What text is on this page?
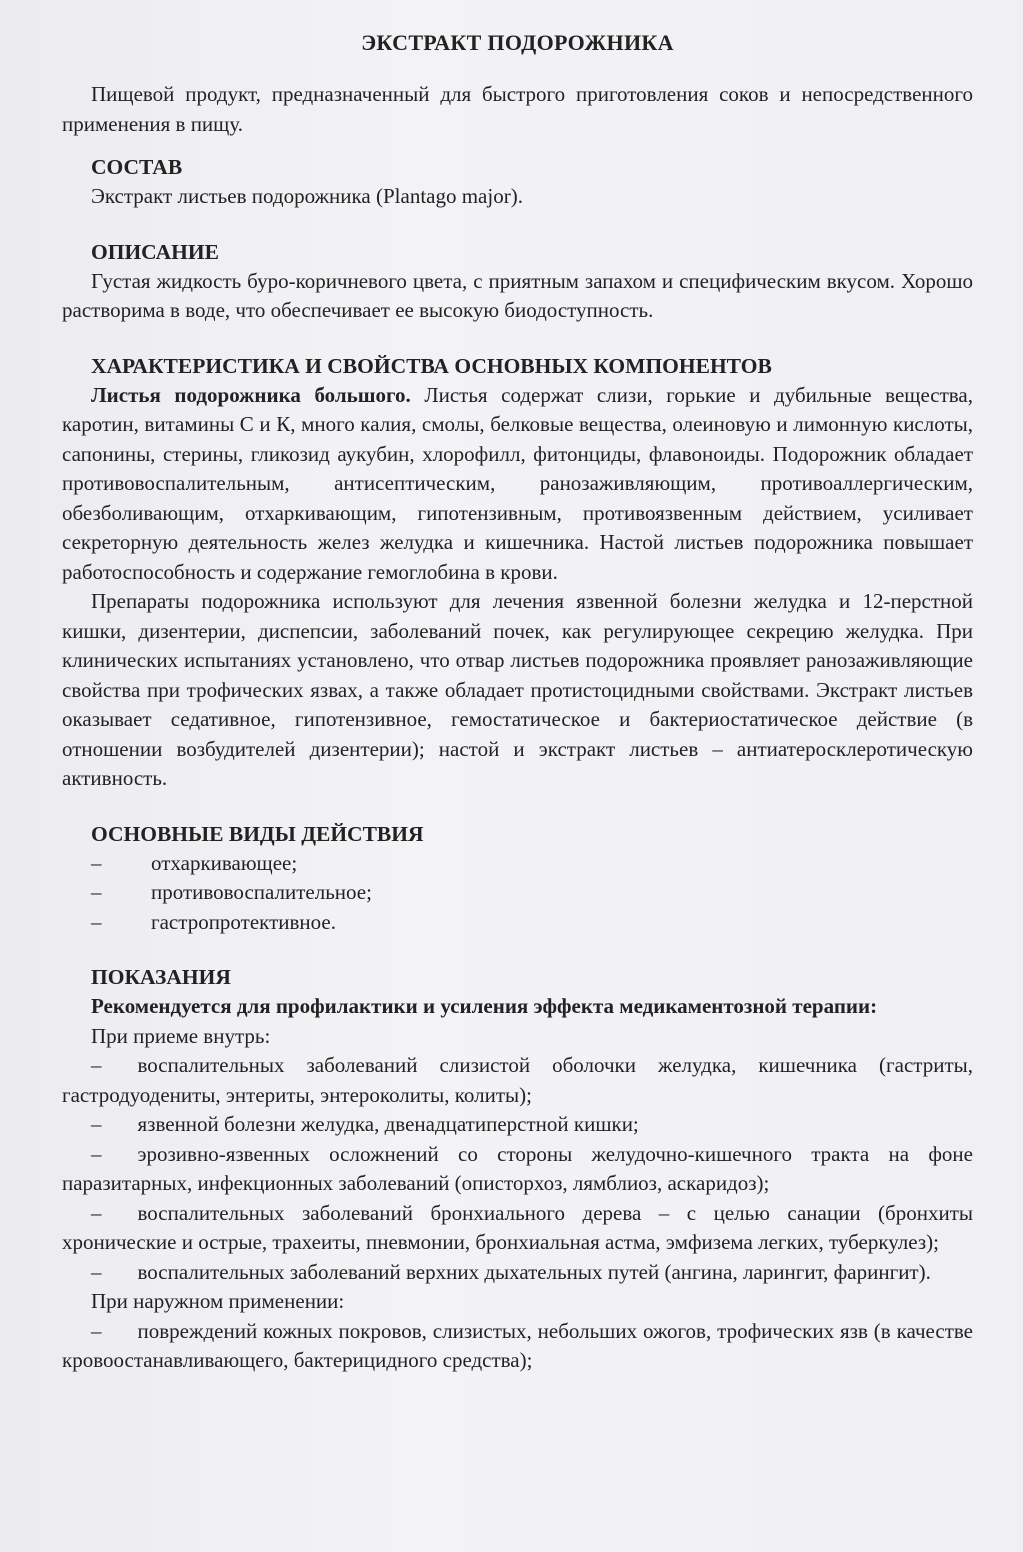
ЭКСТРАКТ ПОДОРОЖНИКА

Пищевой продукт, предназначенный для быстрого приготовления соков и непосредственного применения в пищу.

СОСТАВ

Экстракт листьев подорожника (Plantago major).

ОПИСАНИЕ

Густая жидкость буро-коричневого цвета, с приятным запахом и специфическим вкусом. Хорошо растворима в воде, что обеспечивает ее высокую биодоступность.

ХАРАКТЕРИСТИКА И СВОЙСТВА ОСНОВНЫХ КОМПОНЕНТОВ

Листья подорожника большого. Листья содержат слизи, горькие и дубильные вещества, каротин, витамины С и К, много калия, смолы, белковые вещества, олеиновую и лимонную кислоты, сапонины, стерины, гликозид аукубин, хлорофилл, фитонциды, флавоноиды. Подорожник обладает противовоспалительным, антисептическим, ранозаживляющим, противоаллергическим, обезболивающим, отхаркивающим, гипотензивным, противоязвенным действием, усиливает секреторную деятельность желез желудка и кишечника. Настой листьев подорожника повышает работоспособность и содержание гемоглобина в крови.

Препараты подорожника используют для лечения язвенной болезни желудка и 12-перстной кишки, дизентерии, диспепсии, заболеваний почек, как регулирующее секрецию желудка. При клинических испытаниях установлено, что отвар листьев подорожника проявляет ранозаживляющие свойства при трофических язвах, а также обладает протистоцидными свойствами. Экстракт листьев оказывает седативное, гипотензивное, гемостатическое и бактериостатическое действие (в отношении возбудителей дизентерии); настой и экстракт листьев – антиатеросклеротическую активность.

ОСНОВНЫЕ ВИДЫ ДЕЙСТВИЯ
–	отхаркивающее;
–	противовоспалительное;
–	гастропротективное.
ПОКАЗАНИЯ

Рекомендуется для профилактики и усиления эффекта медикаментозной терапии:

При приеме внутрь:

– воспалительных заболеваний слизистой оболочки желудка, кишечника (гастриты, гастродуодениты, энтериты, энтероколиты, колиты);
– язвенной болезни желудка, двенадцатиперстной кишки;
– эрозивно-язвенных осложнений со стороны желудочно-кишечного тракта на фоне паразитарных, инфекционных заболеваний (описторхоз, лямблиоз, аскаридоз);
– воспалительных заболеваний бронхиального дерева – с целью санации (бронхиты хронические и острые, трахеиты, пневмонии, бронхиальная астма, эмфизема легких, туберкулез);
– воспалительных заболеваний верхних дыхательных путей (ангина, ларингит, фарингит).

При наружном применении:

– повреждений кожных покровов, слизистых, небольших ожогов, трофических язв (в качестве кровоостанавливающего, бактерицидного средства);
